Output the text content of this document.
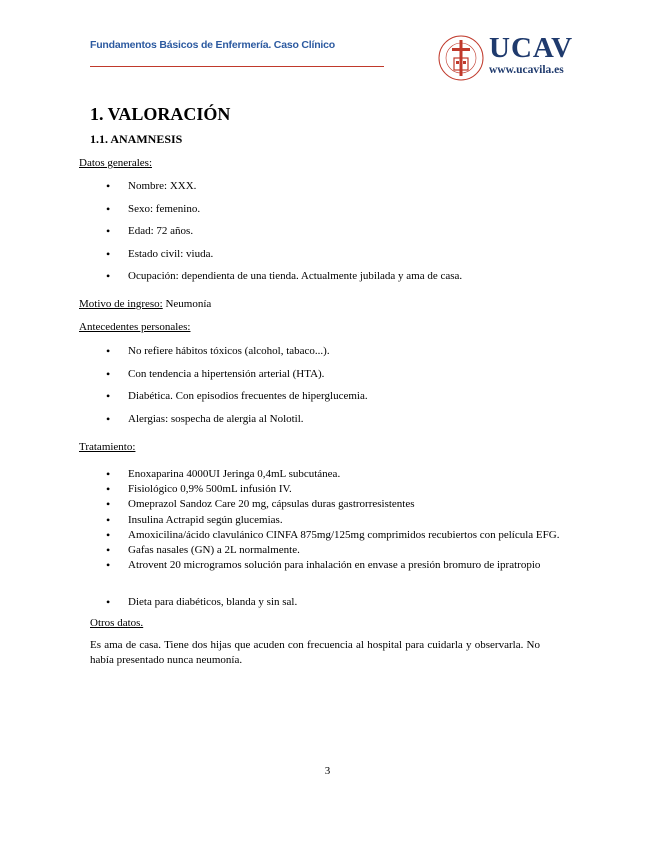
Fundamentos Básicos de Enfermería. Caso Clínico	UCAV
www.ucavila.es
1. VALORACIÓN
1.1. ANAMNESIS
Datos generales:
• Nombre: XXX.
• Sexo: femenino.
• Edad: 72 años.
• Estado civil: viuda.
• Ocupación: dependienta de una tienda. Actualmente jubilada y ama de casa.
Motivo de ingreso: Neumonía
Antecedentes personales:
• No refiere hábitos tóxicos (alcohol, tabaco...).
• Con tendencia a hipertensión arterial (HTA).
• Diabética. Con episodios frecuentes de hiperglucemia.
• Alergias: sospecha de alergia al Nolotil.
Tratamiento:
• Enoxaparina 4000UI Jeringa 0,4mL subcutánea.
• Fisiológico 0,9% 500mL infusión IV.
• Omeprazol Sandoz Care 20 mg, cápsulas duras gastrorresistentes
• Insulina Actrapid según glucemias.
• Amoxicilina/ácido clavulánico CINFA 875mg/125mg comprimidos recubiertos con película EFG.
• Gafas nasales (GN) a 2L normalmente.
• Atrovent 20 microgramos solución para inhalación en envase a presión bromuro de ipratropio
• Dieta para diabéticos, blanda y sin sal.
Otros datos.
Es ama de casa. Tiene dos hijas que acuden con frecuencia al hospital para cuidarla y observarla. No había presentado nunca neumonía.
3
